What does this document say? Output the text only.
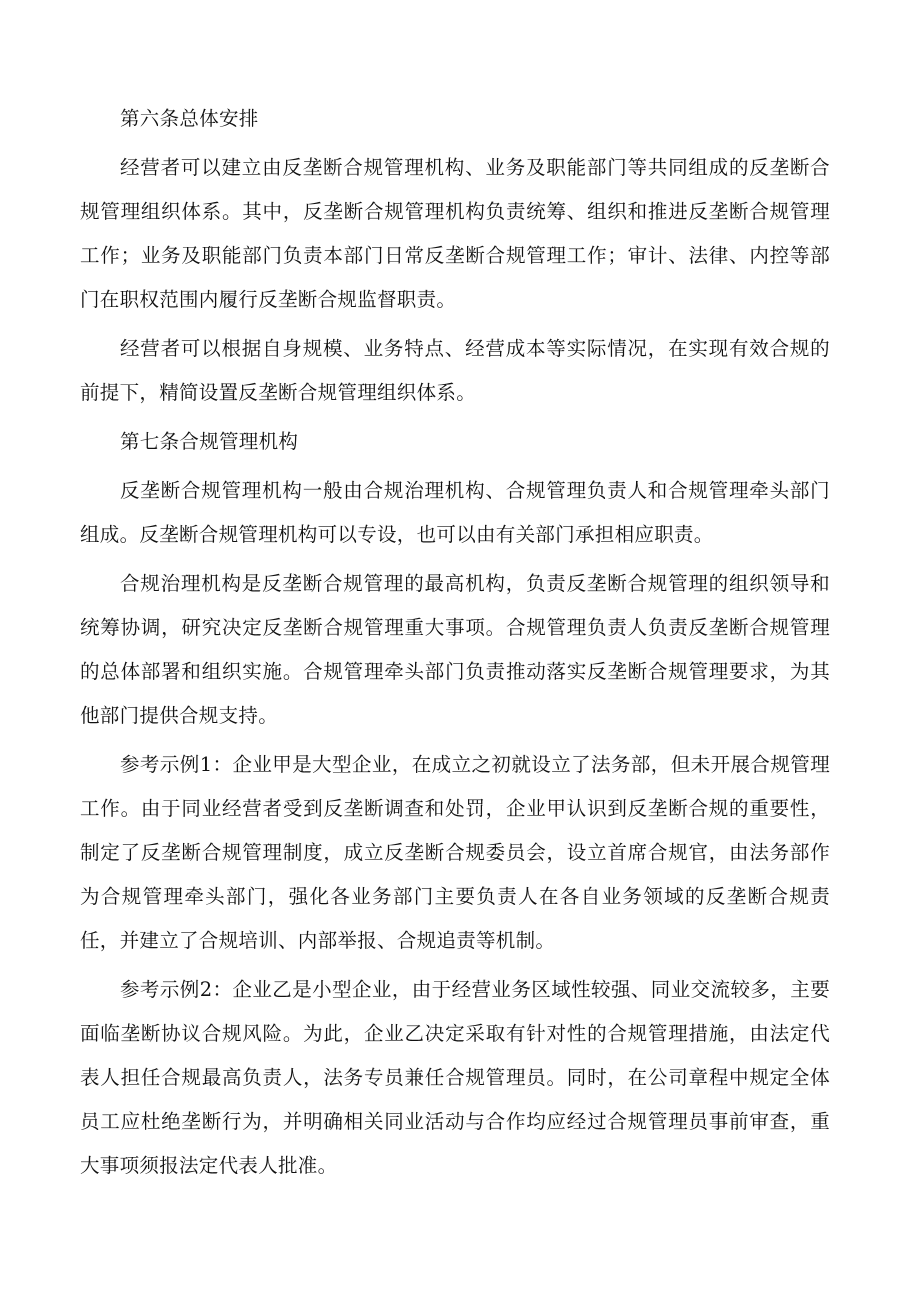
第六条总体安排

经营者可以建立由反垄断合规管理机构、业务及职能部门等共同组成的反垄断合规管理组织体系。其中，反垄断合规管理机构负责统筹、组织和推进反垄断合规管理工作；业务及职能部门负责本部门日常反垄断合规管理工作；审计、法律、内控等部门在职权范围内履行反垄断合规监督职责。

经营者可以根据自身规模、业务特点、经营成本等实际情况，在实现有效合规的前提下，精简设置反垄断合规管理组织体系。

第七条合规管理机构

反垄断合规管理机构一般由合规治理机构、合规管理负责人和合规管理牵头部门组成。反垄断合规管理机构可以专设，也可以由有关部门承担相应职责。

合规治理机构是反垄断合规管理的最高机构，负责反垄断合规管理的组织领导和统筹协调，研究决定反垄断合规管理重大事项。合规管理负责人负责反垄断合规管理的总体部署和组织实施。合规管理牵头部门负责推动落实反垄断合规管理要求，为其他部门提供合规支持。

参考示例1：企业甲是大型企业，在成立之初就设立了法务部，但未开展合规管理工作。由于同业经营者受到反垄断调查和处罚，企业甲认识到反垄断合规的重要性，制定了反垄断合规管理制度，成立反垄断合规委员会，设立首席合规官，由法务部作为合规管理牵头部门，强化各业务部门主要负责人在各自业务领域的反垄断合规责任，并建立了合规培训、内部举报、合规追责等机制。

参考示例2：企业乙是小型企业，由于经营业务区域性较强、同业交流较多，主要面临垄断协议合规风险。为此，企业乙决定采取有针对性的合规管理措施，由法定代表人担任合规最高负责人，法务专员兼任合规管理员。同时，在公司章程中规定全体员工应杜绝垄断行为，并明确相关同业活动与合作均应经过合规管理员事前审查，重大事项须报法定代表人批准。
